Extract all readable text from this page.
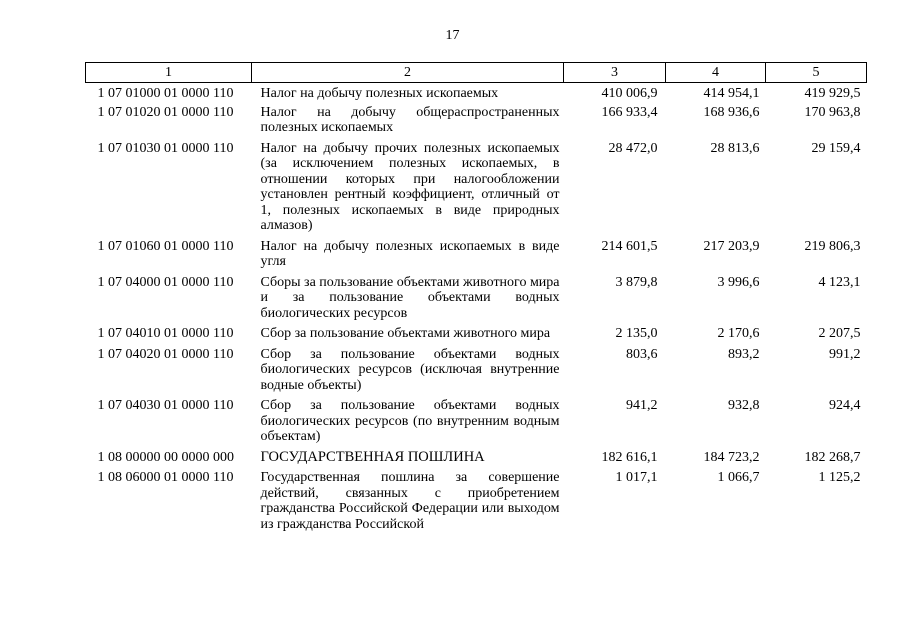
17
1	2	3	4	5
1 07 01000 01 0000 110	Налог на добычу полезных ископаемых	410 006,9	414 954,1	419 929,5
1 07 01020 01 0000 110	Налог на добычу общераспространенных полезных ископаемых	166 933,4	168 936,6	170 963,8
1 07 01030 01 0000 110	Налог на добычу прочих полезных ископаемых (за исключением полезных ископаемых, в отношении которых при налогообложении установлен рентный коэффициент, отличный от 1, полезных ископаемых в виде природных алмазов)	28 472,0	28 813,6	29 159,4
1 07 01060 01 0000 110	Налог на добычу полезных ископаемых в виде угля	214 601,5	217 203,9	219 806,3
1 07 04000 01 0000 110	Сборы за пользование объектами животного мира и за пользование объектами водных биологических ресурсов	3 879,8	3 996,6	4 123,1
1 07 04010 01 0000 110	Сбор за пользование объектами животного мира	2 135,0	2 170,6	2 207,5
1 07 04020 01 0000 110	Сбор за пользование объектами водных биологических ресурсов (исключая внутренние водные объекты)	803,6	893,2	991,2
1 07 04030 01 0000 110	Сбор за пользование объектами водных биологических ресурсов (по внутренним водным объектам)	941,2	932,8	924,4
1 08 00000 00 0000 000	ГОСУДАРСТВЕННАЯ ПОШЛИНА	182 616,1	184 723,2	182 268,7
1 08 06000 01 0000 110	Государственная пошлина за совершение действий, связанных с приобретением гражданства Российской Федерации или выходом из гражданства Российской	1 017,1	1 066,7	1 125,2
